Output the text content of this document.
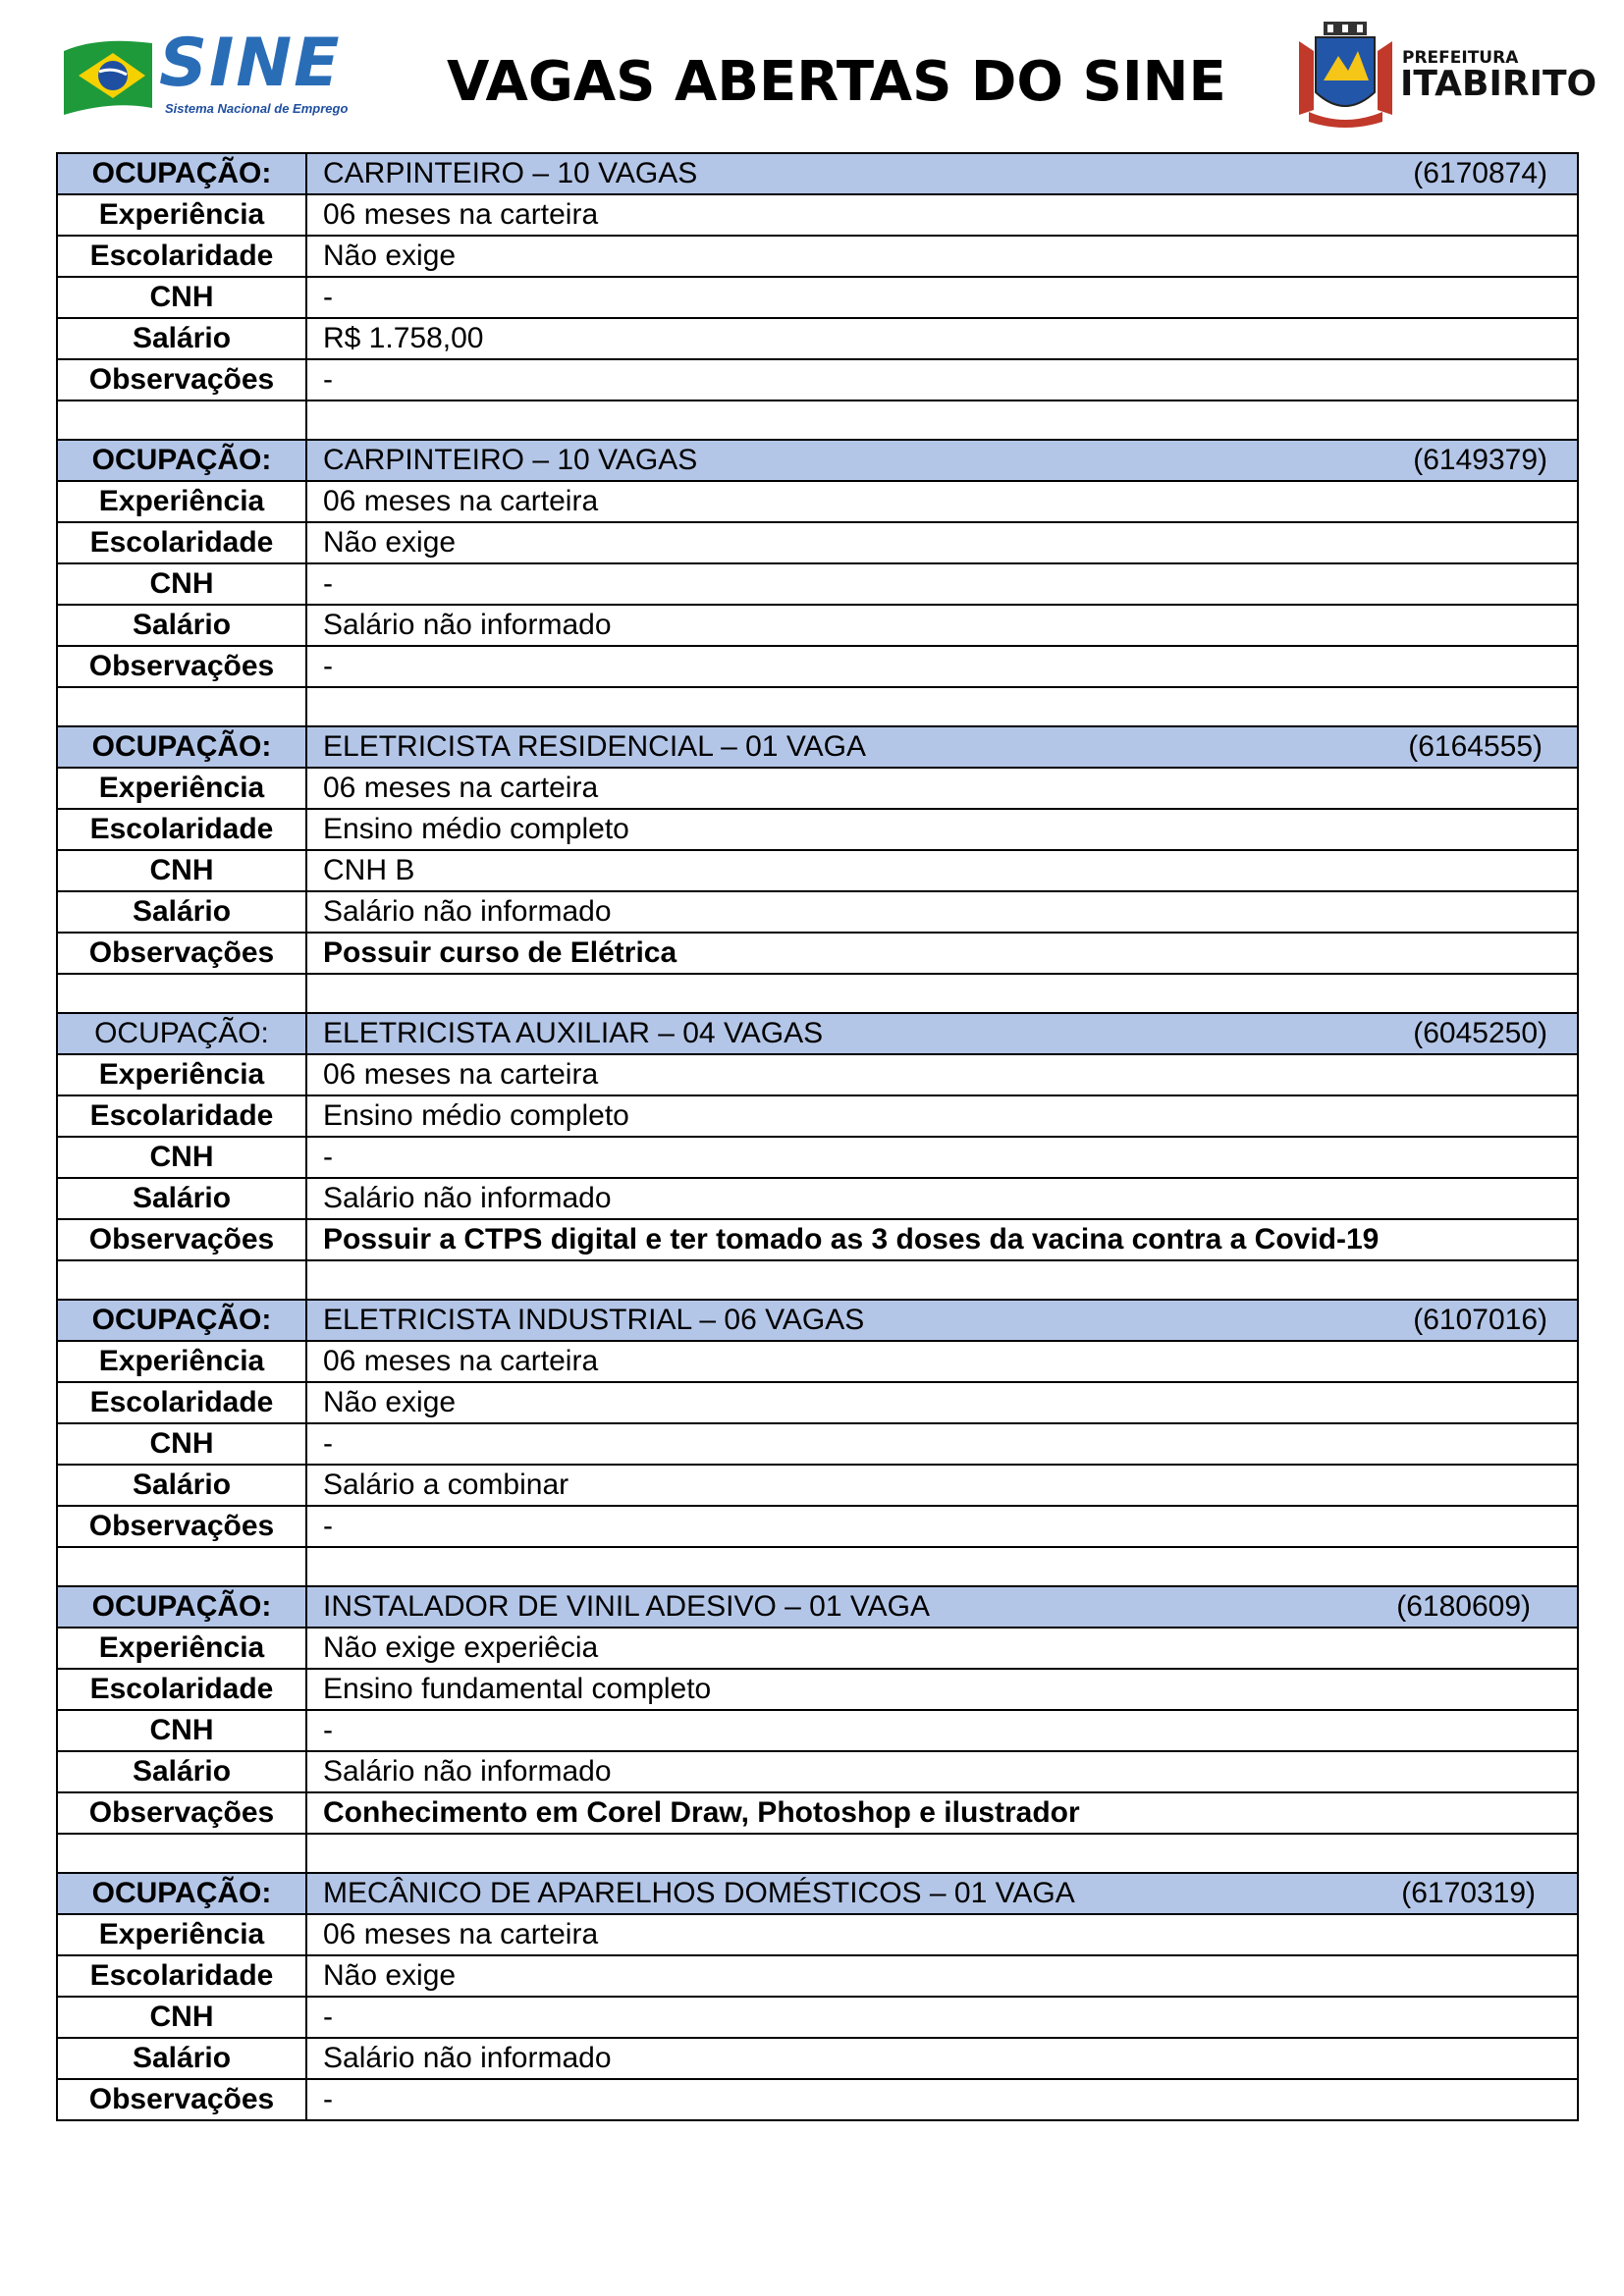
SINE
Sistema Nacional de Emprego VAGAS ABERTAS DO SINE	PREFEITURA
ITABIRITO
OCUPAÇÃO:	CARPINTEIRO – 10 VAGAS (6170874)

Experiência	06 meses na carteira
Escolaridade	Não exige
CNH	-
Salário	R$ 1.758,00
Observações	-

OCUPAÇÃO:	CARPINTEIRO – 10 VAGAS (6149379)

Experiência	06 meses na carteira
Escolaridade	Não exige
CNH	-
Salário	Salário não informado
Observações	-

OCUPAÇÃO:	ELETRICISTA RESIDENCIAL – 01 VAGA (6164555)

Experiência	06 meses na carteira
Escolaridade	Ensino médio completo
CNH	CNH B
Salário	Salário não informado
Observações	Possuir curso de Elétrica

OCUPAÇÃO:	ELETRICISTA AUXILIAR – 04 VAGAS (6045250)

Experiência	06 meses na carteira
Escolaridade	Ensino médio completo
CNH	-
Salário	Salário não informado
Observações	Possuir a CTPS digital e ter tomado as 3 doses da vacina contra a Covid-19

OCUPAÇÃO:	ELETRICISTA INDUSTRIAL – 06 VAGAS (6107016)

Experiência	06 meses na carteira
Escolaridade	Não exige
CNH	-
Salário	Salário a combinar
Observações	-

OCUPAÇÃO:	INSTALADOR DE VINIL ADESIVO – 01 VAGA (6180609)

Experiência	Não exige experiêcia
Escolaridade	Ensino fundamental completo
CNH	-
Salário	Salário não informado
Observações	Conhecimento em Corel Draw, Photoshop e ilustrador

OCUPAÇÃO:	MECÂNICO DE APARELHOS DOMÉSTICOS – 01 VAGA (6170319)

Experiência	06 meses na carteira
Escolaridade	Não exige
CNH	-
Salário	Salário não informado
Observações	-
